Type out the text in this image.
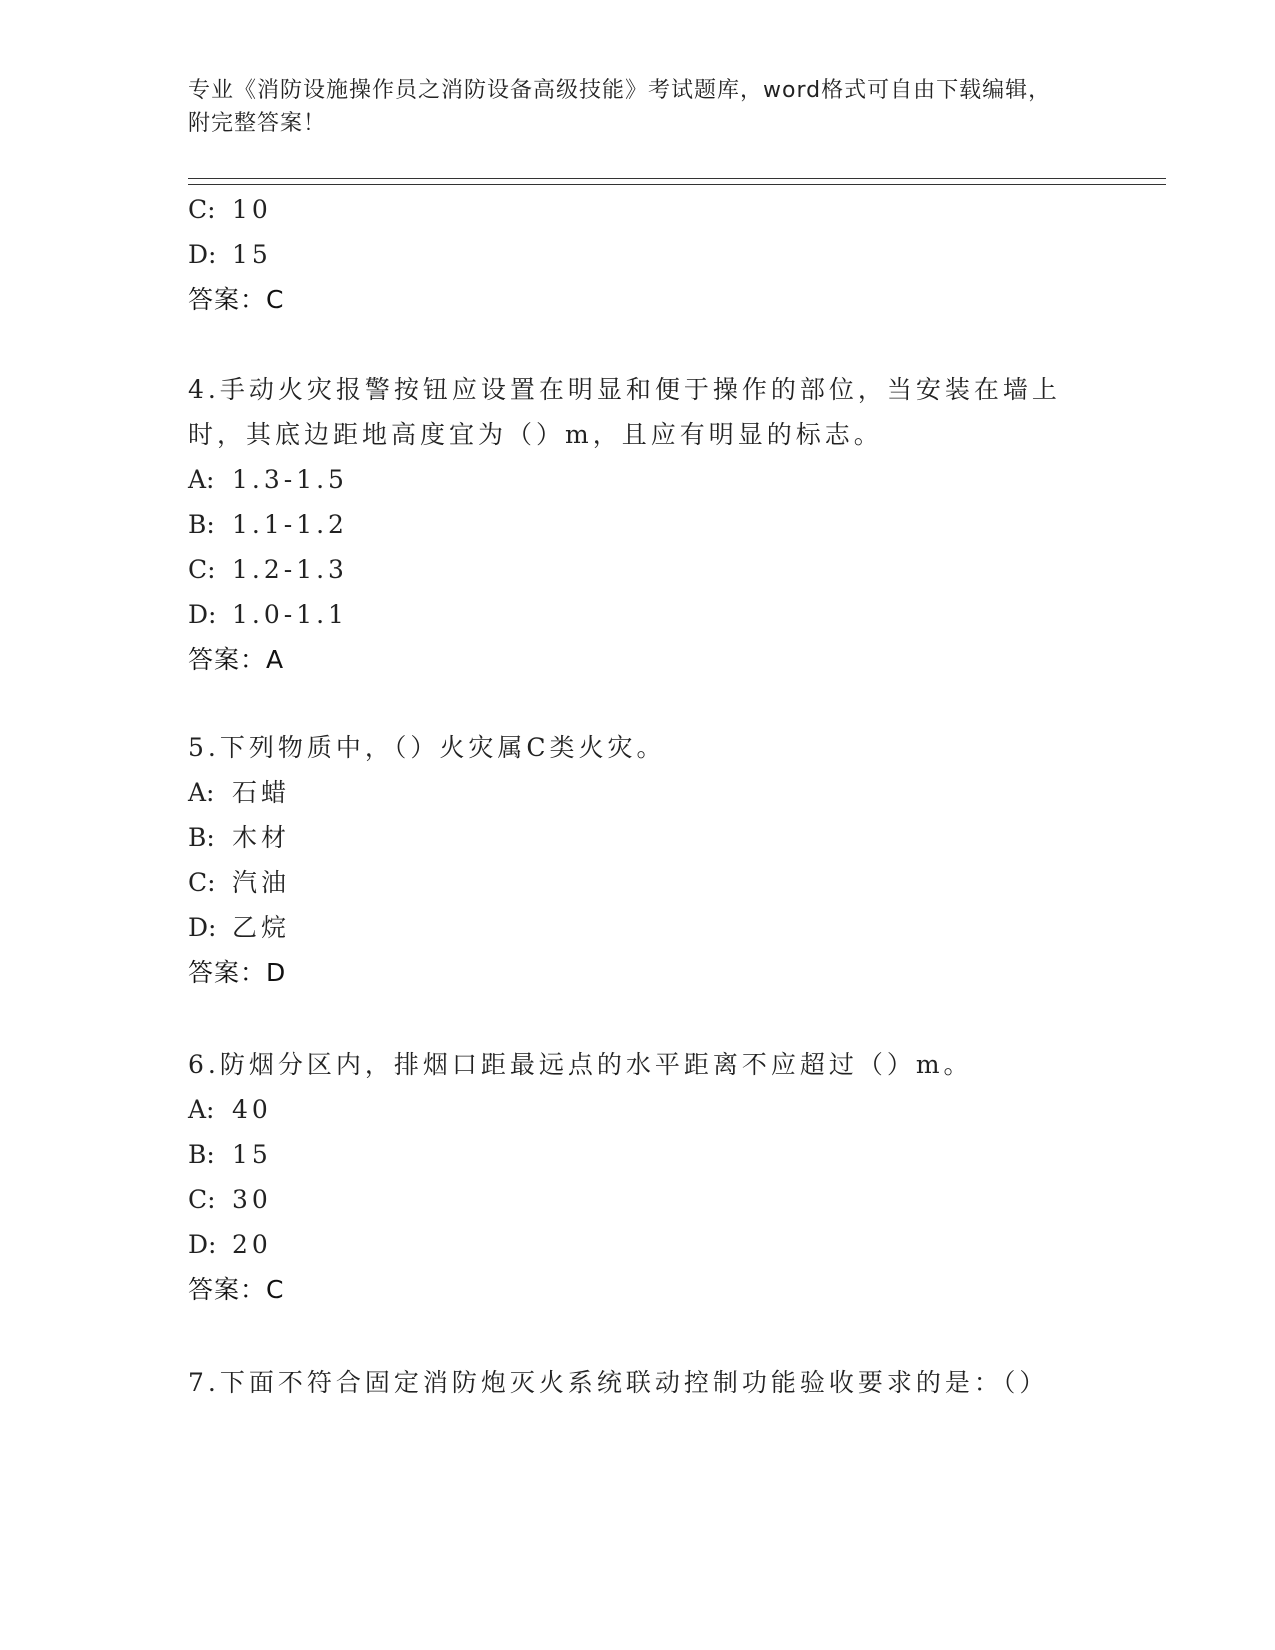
专业《消防设施操作员之消防设备高级技能》考试题库，word格式可自由下载编辑，附完整答案！
C: 10
D: 15
答案：C
4.手动火灾报警按钮应设置在明显和便于操作的部位，当安装在墙上
时，其底边距地高度宜为（）m，且应有明显的标志。
A: 1.3-1.5
B: 1.1-1.2
C: 1.2-1.3
D: 1.0-1.1
答案：A
5.下列物质中，（）火灾属C类火灾。
A: 石蜡
B: 木材
C: 汽油
D: 乙烷
答案：D
6.防烟分区内，排烟口距最远点的水平距离不应超过（）m。
A: 40
B: 15
C: 30
D: 20
答案：C
7.下面不符合固定消防炮灭火系统联动控制功能验收要求的是：（）
